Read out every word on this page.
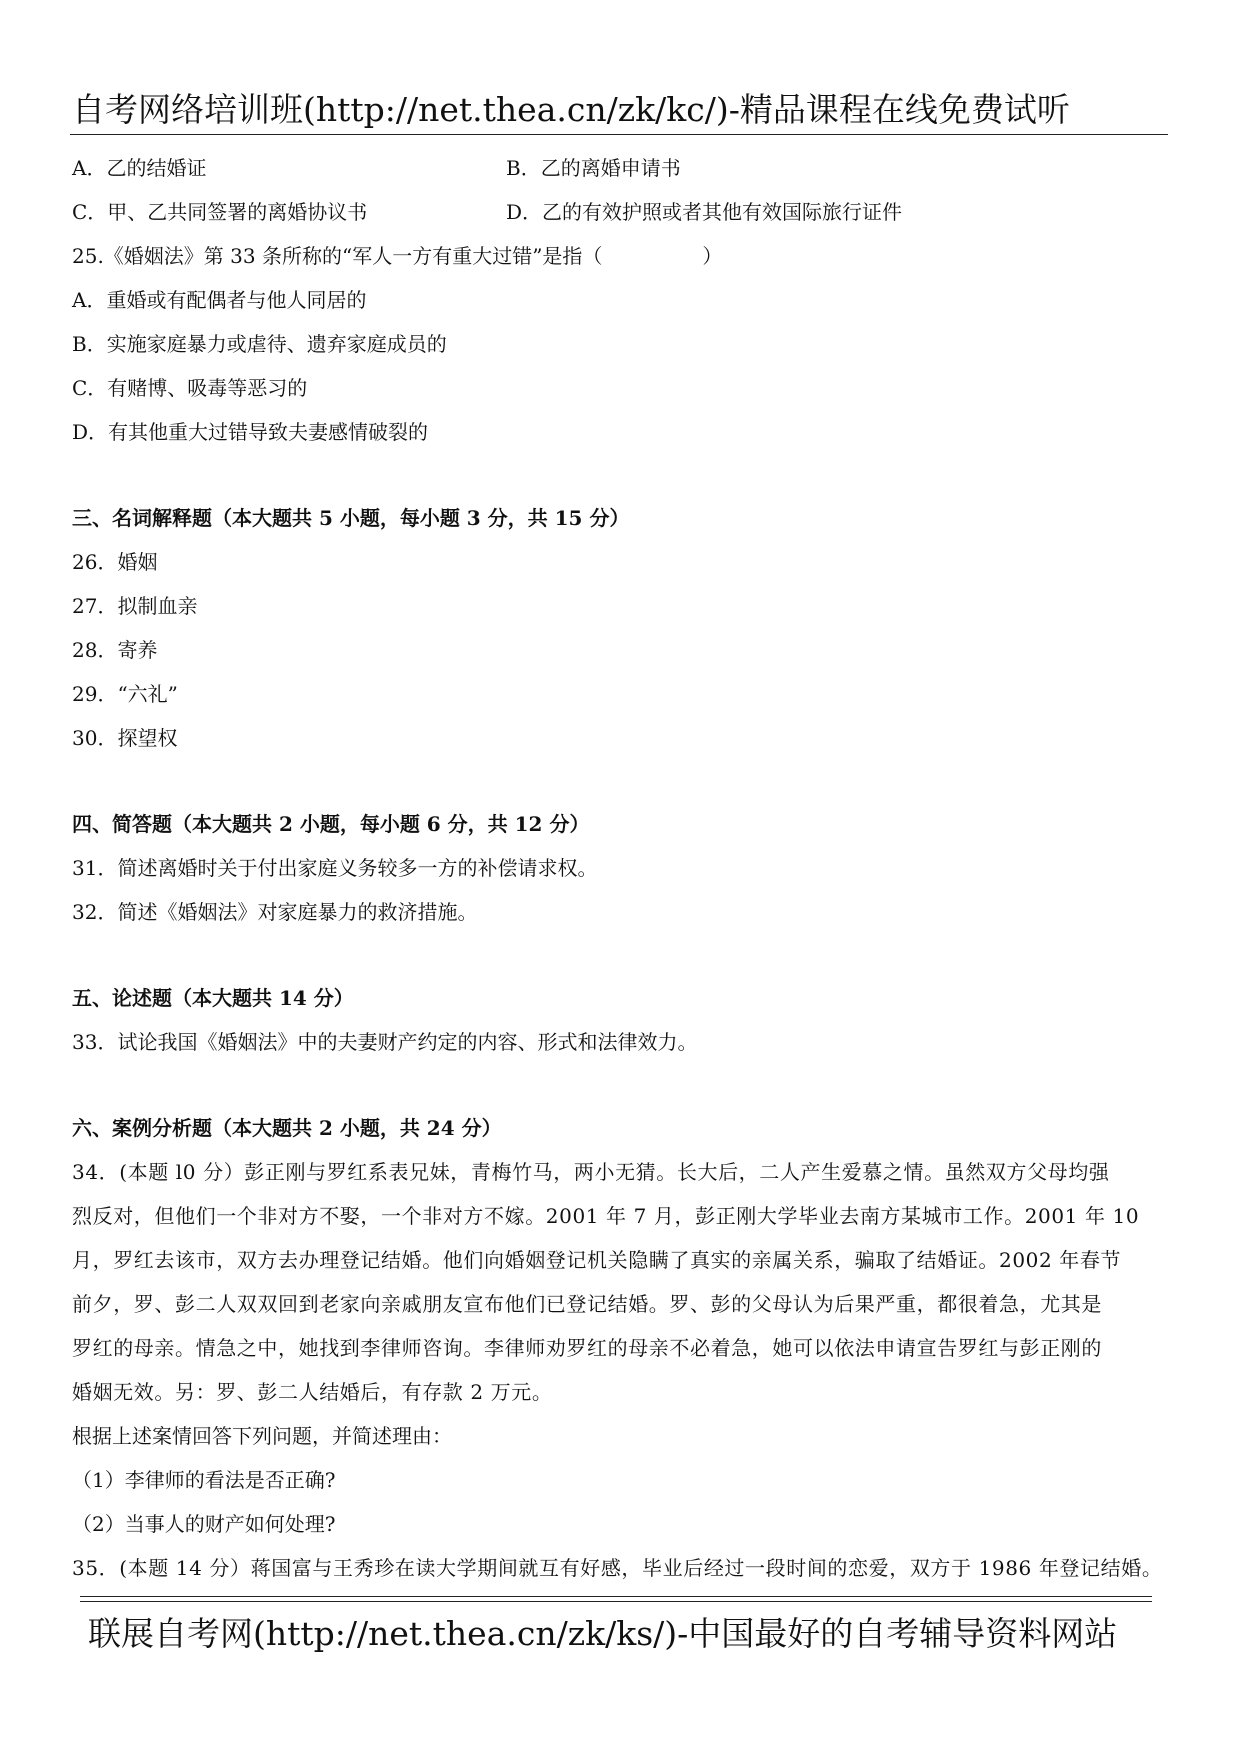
自考网络培训班(http://net.thea.cn/zk/kc/)-精品课程在线免费试听
A．乙的结婚证	B．乙的离婚申请书
C．甲、乙共同签署的离婚协议书	D．乙的有效护照或者其他有效国际旅行证件
25.《婚姻法》第 33 条所称的“军人一方有重大过错”是指（　　　　　）
A．重婚或有配偶者与他人同居的
B．实施家庭暴力或虐待、遗弃家庭成员的
C．有赌博、吸毒等恶习的
D．有其他重大过错导致夫妻感情破裂的
三、名词解释题（本大题共 5 小题，每小题 3 分，共 15 分）
26．婚姻
27．拟制血亲
28．寄养
29．“六礼”
30．探望权
四、简答题（本大题共 2 小题，每小题 6 分，共 12 分）
31．简述离婚时关于付出家庭义务较多一方的补偿请求权。
32．简述《婚姻法》对家庭暴力的救济措施。
五、论述题（本大题共 14 分）
33．试论我国《婚姻法》中的夫妻财产约定的内容、形式和法律效力。
六、案例分析题（本大题共 2 小题，共 24 分）
34．(本题 l0 分）彭正刚与罗红系表兄妹，青梅竹马，两小无猜。长大后，二人产生爱慕之情。虽然双方父母均强
烈反对，但他们一个非对方不娶，一个非对方不嫁。2001 年 7 月，彭正刚大学毕业去南方某城市工作。2001 年 10
月，罗红去该市，双方去办理登记结婚。他们向婚姻登记机关隐瞒了真实的亲属关系，骗取了结婚证。2002 年春节
前夕，罗、彭二人双双回到老家向亲戚朋友宣布他们已登记结婚。罗、彭的父母认为后果严重，都很着急，尤其是
罗红的母亲。情急之中，她找到李律师咨询。李律师劝罗红的母亲不必着急，她可以依法申请宣告罗红与彭正刚的
婚姻无效。另：罗、彭二人结婚后，有存款 2 万元。
根据上述案情回答下列问题，并简述理由：
（1）李律师的看法是否正确?
（2）当事人的财产如何处理?
35．(本题 14 分）蒋国富与王秀珍在读大学期间就互有好感，毕业后经过一段时间的恋爱，双方于 1986 年登记结婚。
联展自考网(http://net.thea.cn/zk/ks/)-中国最好的自考辅导资料网站
